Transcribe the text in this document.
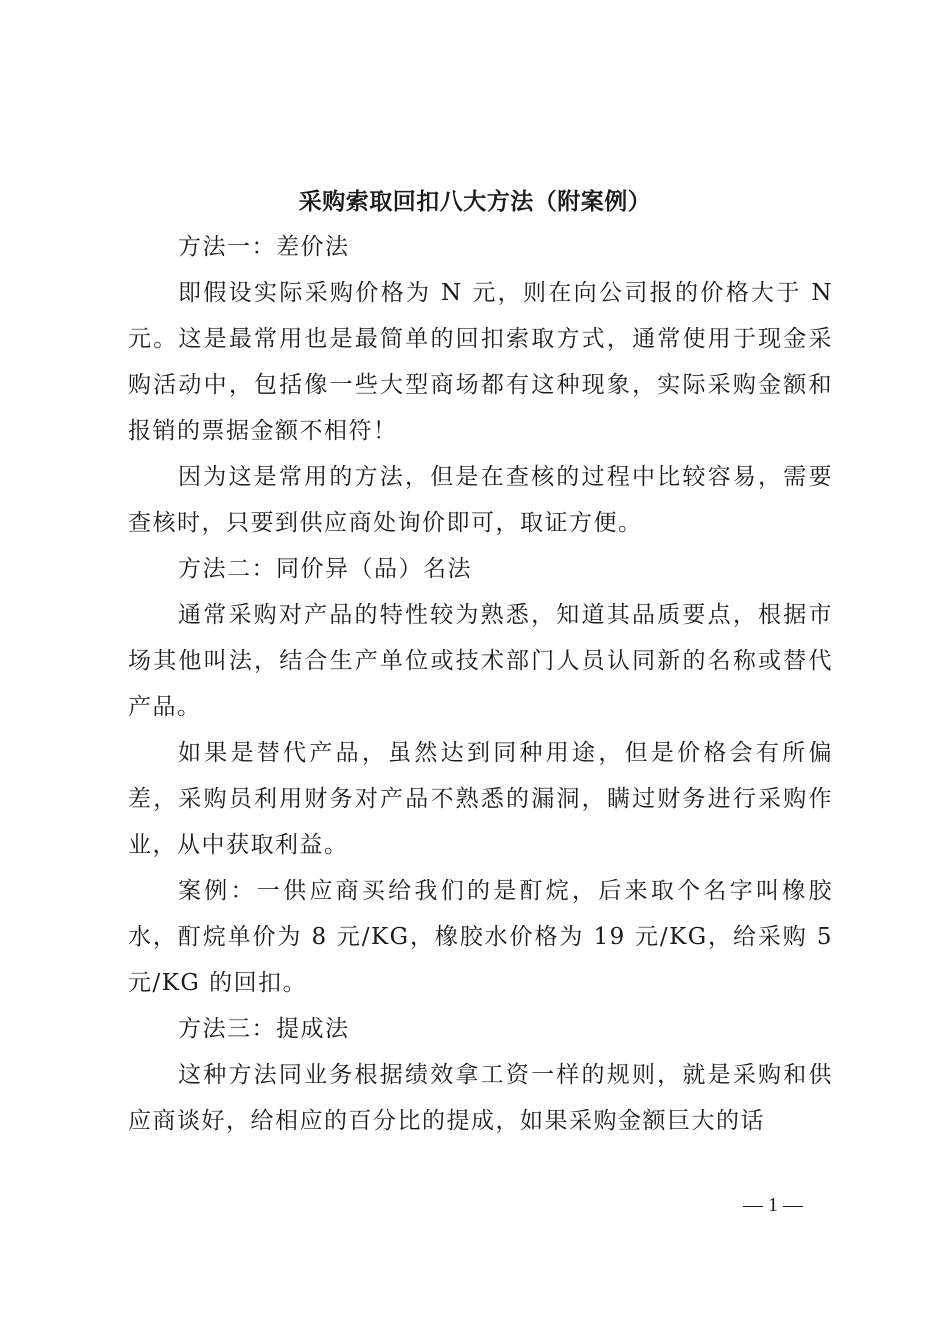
采购索取回扣八大方法（附案例）

方法一：差价法

即假设实际采购价格为 N 元，则在向公司报的价格大于 N 元。这是最常用也是最简单的回扣索取方式，通常使用于现金采购活动中，包括像一些大型商场都有这种现象，实际采购金额和报销的票据金额不相符！

因为这是常用的方法，但是在查核的过程中比较容易，需要查核时，只要到供应商处询价即可，取证方便。

方法二：同价异（品）名法

通常采购对产品的特性较为熟悉，知道其品质要点，根据市场其他叫法，结合生产单位或技术部门人员认同新的名称或替代产品。

如果是替代产品，虽然达到同种用途，但是价格会有所偏差，采购员利用财务对产品不熟悉的漏洞，瞒过财务进行采购作业，从中获取利益。

案例：一供应商买给我们的是酊烷，后来取个名字叫橡胶水，酊烷单价为 8 元/KG，橡胶水价格为 19 元/KG，给采购 5 元/KG 的回扣。

方法三：提成法

这种方法同业务根据绩效拿工资一样的规则，就是采购和供应商谈好，给相应的百分比的提成，如果采购金额巨大的话

— 1 —
